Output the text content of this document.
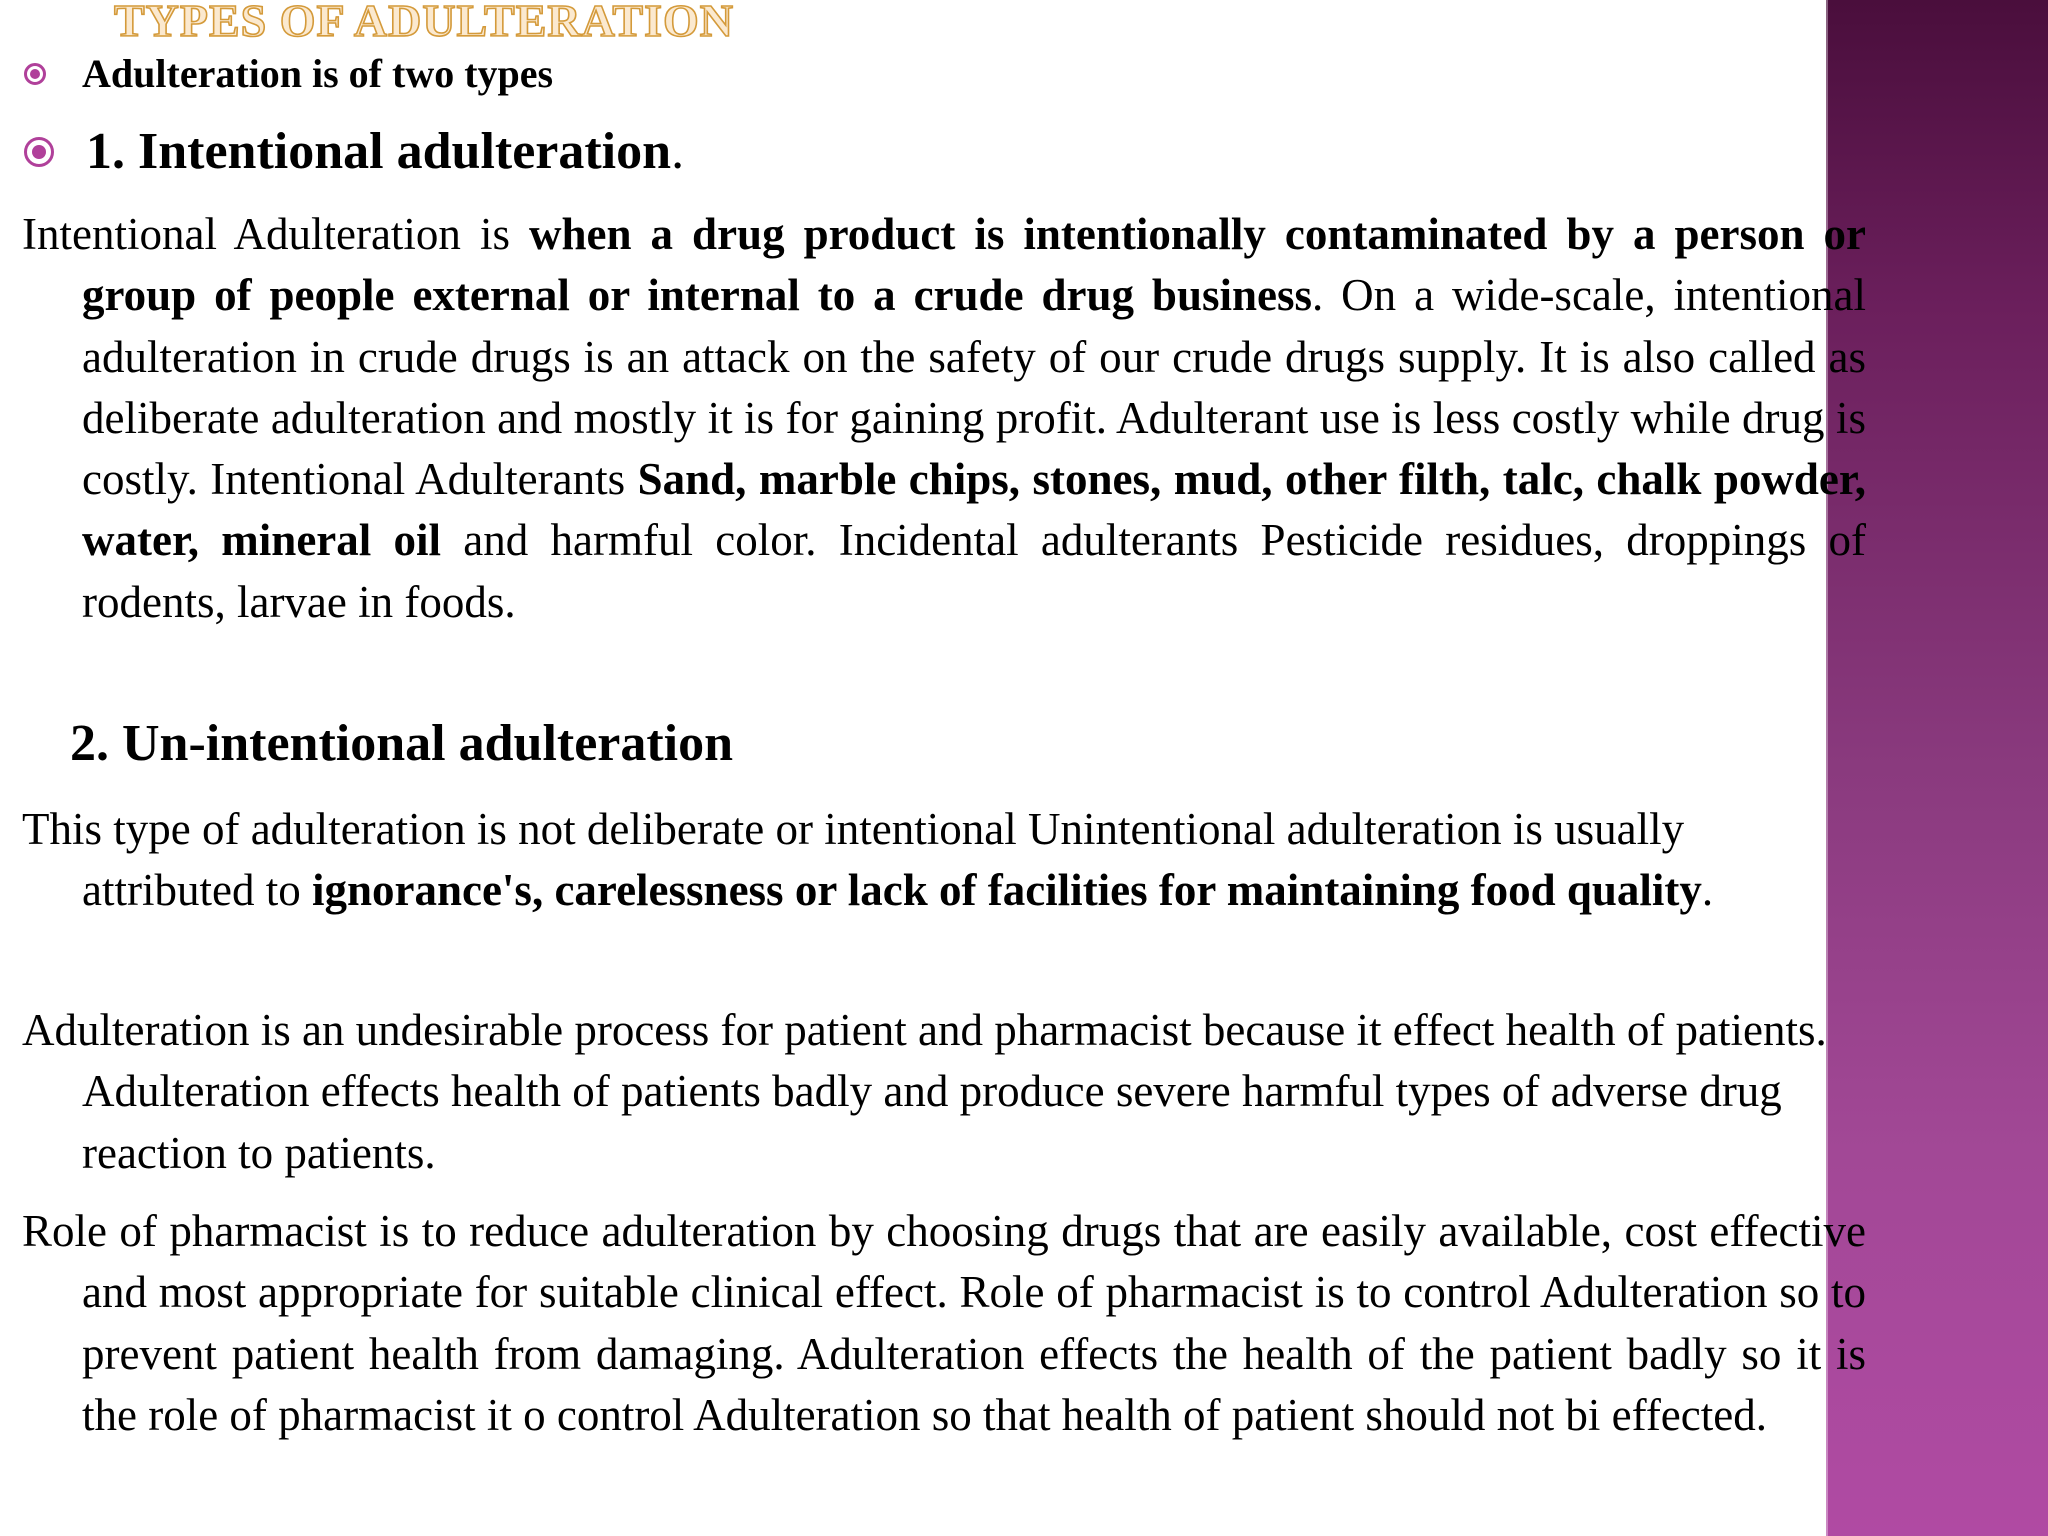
TYPES OF ADULTERATION
Adulteration is of two types
1. Intentional adulteration .

Intentional Adulteration is when a drug product is intentionally contaminated by a person or group of people external or internal to a crude drug business. On a wide-scale, intentional adulteration in crude drugs is an attack on the safety of our crude drugs supply. It is also called as deliberate adulteration and mostly it is for gaining profit. Adulterant use is less costly while drug is costly. Intentional Adulterants Sand, marble chips, stones, mud, other filth, talc, chalk powder, water, mineral oil and harmful color. Incidental adulterants Pesticide residues, droppings of rodents, larvae in foods.

2. Un-intentional adulteration

This type of adulteration is not deliberate or intentional Unintentional adulteration is usually attributed to ignorance's, carelessness or lack of facilities for maintaining food quality.

Adulteration is an undesirable process for patient and pharmacist because it effect health of patients. Adulteration effects health of patients badly and produce severe harmful types of adverse drug reaction to patients.

Role of pharmacist is to reduce adulteration by choosing drugs that are easily available, cost effective and most appropriate for suitable clinical effect. Role of pharmacist is to control Adulteration so to prevent patient health from damaging. Adulteration effects the health of the patient badly so it is the role of pharmacist it o control Adulteration so that health of patient should not bi effected.
